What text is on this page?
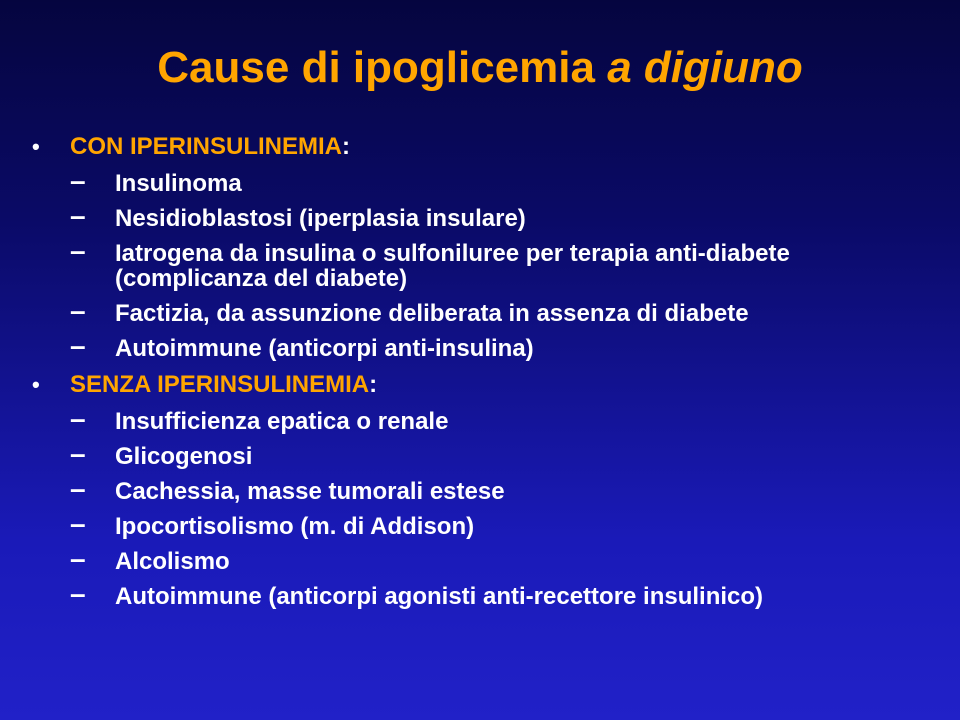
Cause di ipoglicemia a digiuno
• CON IPERINSULINEMIA:
– Insulinoma
– Nesidioblastosi (iperplasia insulare)
– Iatrogena da insulina o sulfoniluree per terapia anti-diabete (complicanza del diabete)
– Factizia, da assunzione deliberata in assenza di diabete
– Autoimmune (anticorpi anti-insulina)
• SENZA IPERINSULINEMIA:
– Insufficienza epatica o renale
– Glicogenosi
– Cachessia, masse tumorali estese
– Ipocortisolismo (m. di Addison)
– Alcolismo
– Autoimmune (anticorpi agonisti anti-recettore insulinico)
